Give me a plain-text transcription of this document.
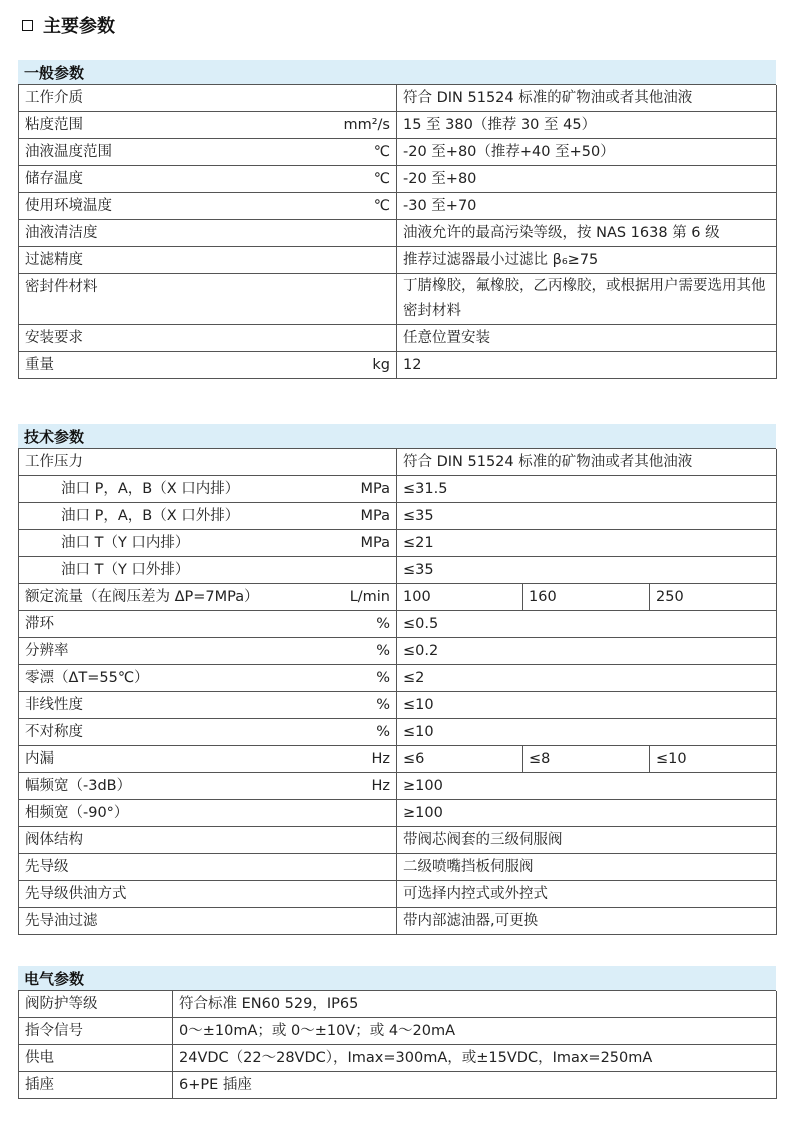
主要参数
一般参数
工作介质		符合 DIN 51524 标准的矿物油或者其他油液
粘度范围	mm²/s	15 至 380（推荐 30 至 45）
油液温度范围	℃	-20 至+80（推荐+40 至+50）
储存温度	℃	-20 至+80
使用环境温度	℃	-30 至+70
油液清洁度		油液允许的最高污染等级，按 NAS 1638 第 6 级
过滤精度		推荐过滤器最小过滤比 β₆≥75
密封件材料		丁腈橡胶，氟橡胶，乙丙橡胶，或根据用户需要选用其他密封材料
安装要求		任意位置安装
重量	kg	12
技术参数
工作压力		符合 DIN 51524 标准的矿物油或者其他油液		
油口 P，A，B（X 口内排）	MPa	≤31.5		
油口 P，A，B（X 口外排）	MPa	≤35		
油口 T（Y 口内排）	MPa	≤21		
油口 T（Y 口外排）		≤35		
额定流量（在阀压差为 ΔP=7MPa）	L/min	100	160	250
滞环	%	≤0.5		
分辨率	%	≤0.2		
零漂（ΔT=55℃）	%	≤2		
非线性度	%	≤10		
不对称度	%	≤10		
内漏	Hz	≤6	≤8	≤10
幅频宽（-3dB）	Hz	≥100		
相频宽（-90°）		≥100		
阀体结构		带阀芯阀套的三级伺服阀		
先导级		二级喷嘴挡板伺服阀		
先导级供油方式		可选择内控式或外控式		
先导油过滤		带内部滤油器,可更换		
电气参数
阀防护等级	符合标准 EN60 529，IP65
指令信号	0～±10mA；或 0～±10V；或 4～20mA
供电	24VDC（22～28VDC），Imax=300mA，或±15VDC，Imax=250mA
插座	6+PE 插座
